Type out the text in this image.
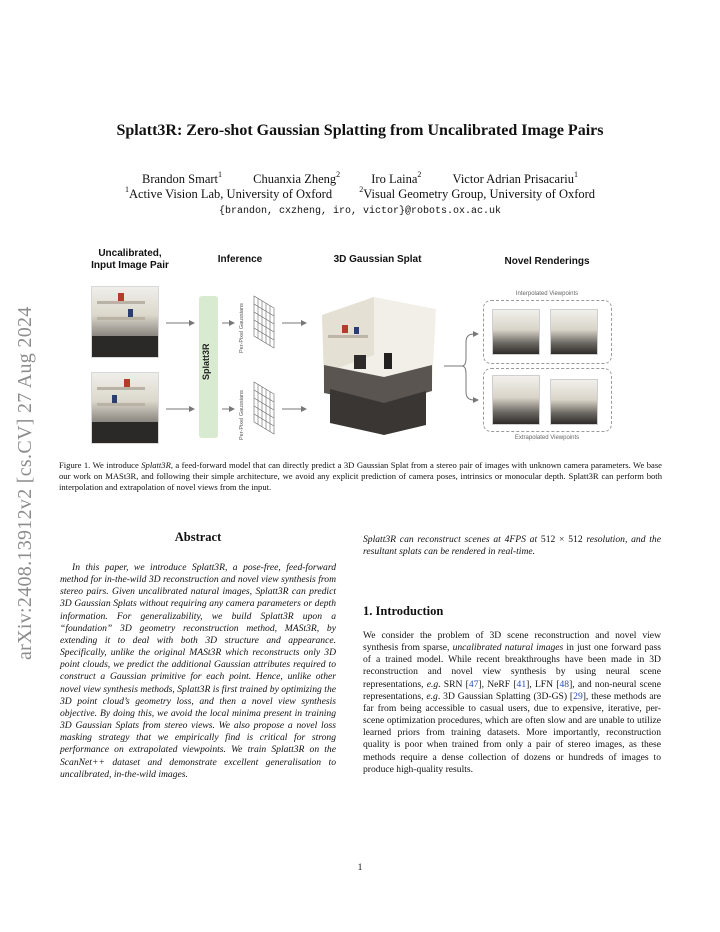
arXiv:2408.13912v2 [cs.CV] 27 Aug 2024
Splatt3R: Zero-shot Gaussian Splatting from Uncalibrated Image Pairs
Brandon Smart$^1$ Chuanxia Zheng$^2$ Iro Laina$^2$ Victor Adrian Prisacariu$^1$
$^1$Active Vision Lab, University of Oxford	$^2$Visual Geometry Group, University of Oxford
{brandon, cxzheng, iro, victor}@robots.ox.ac.uk
Uncalibrated,
Input Image Pair
Inference	3D Gaussian Splat	Novel Renderings
Splatt3R
Per-Pixel Gaussians
Per-Pixel Gaussians
Interpolated Viewpoints
Extrapolated Viewpoints
Figure 1. We introduce Splatt3R, a feed-forward model that can directly predict a 3D Gaussian Splat from a stereo pair of images with unknown camera parameters. We base our work on MASt3R, and following their simple architecture, we avoid any explicit prediction of camera poses, intrinsics or monocular depth. Splatt3R can perform both interpolation and extrapolation of novel views from the input.
Abstract
In this paper, we introduce Splatt3R, a pose-free, feed-forward method for in-the-wild 3D reconstruction and novel view synthesis from stereo pairs. Given uncalibrated natural images, Splatt3R can predict 3D Gaussian Splats without requiring any camera parameters or depth information. For generalizability, we build Splatt3R upon a “foundation” 3D geometry reconstruction method, MASt3R, by extending it to deal with both 3D structure and appearance. Specifically, unlike the original MASt3R which reconstructs only 3D point clouds, we predict the additional Gaussian attributes required to construct a Gaussian primitive for each point. Hence, unlike other novel view synthesis methods, Splatt3R is first trained by optimizing the 3D point cloud’s geometry loss, and then a novel view synthesis objective. By doing this, we avoid the local minima present in training 3D Gaussian Splats from stereo views. We also propose a novel loss masking strategy that we empirically find is critical for strong performance on extrapolated viewpoints. We train Splatt3R on the ScanNet++ dataset and demonstrate excellent generalisation to uncalibrated, in-the-wild images.
Splatt3R can reconstruct scenes at 4FPS at 512 × 512 resolution, and the resultant splats can be rendered in real-time.
1. Introduction
We consider the problem of 3D scene reconstruction and novel view synthesis from sparse, uncalibrated natural images in just one forward pass of a trained model. While recent breakthroughs have been made in 3D reconstruction and novel view synthesis by using neural scene representations, e.g. SRN [47], NeRF [41], LFN [48], and non-neural scene representations, e.g. 3D Gaussian Splatting (3D-GS) [29], these methods are far from being accessible to casual users, due to expensive, iterative, per-scene optimization procedures, which are often slow and are unable to utilize learned priors from training datasets. More importantly, reconstruction quality is poor when trained from only a pair of stereo images, as these methods require a dense collection of dozens or hundreds of images to produce high-quality results.
1
